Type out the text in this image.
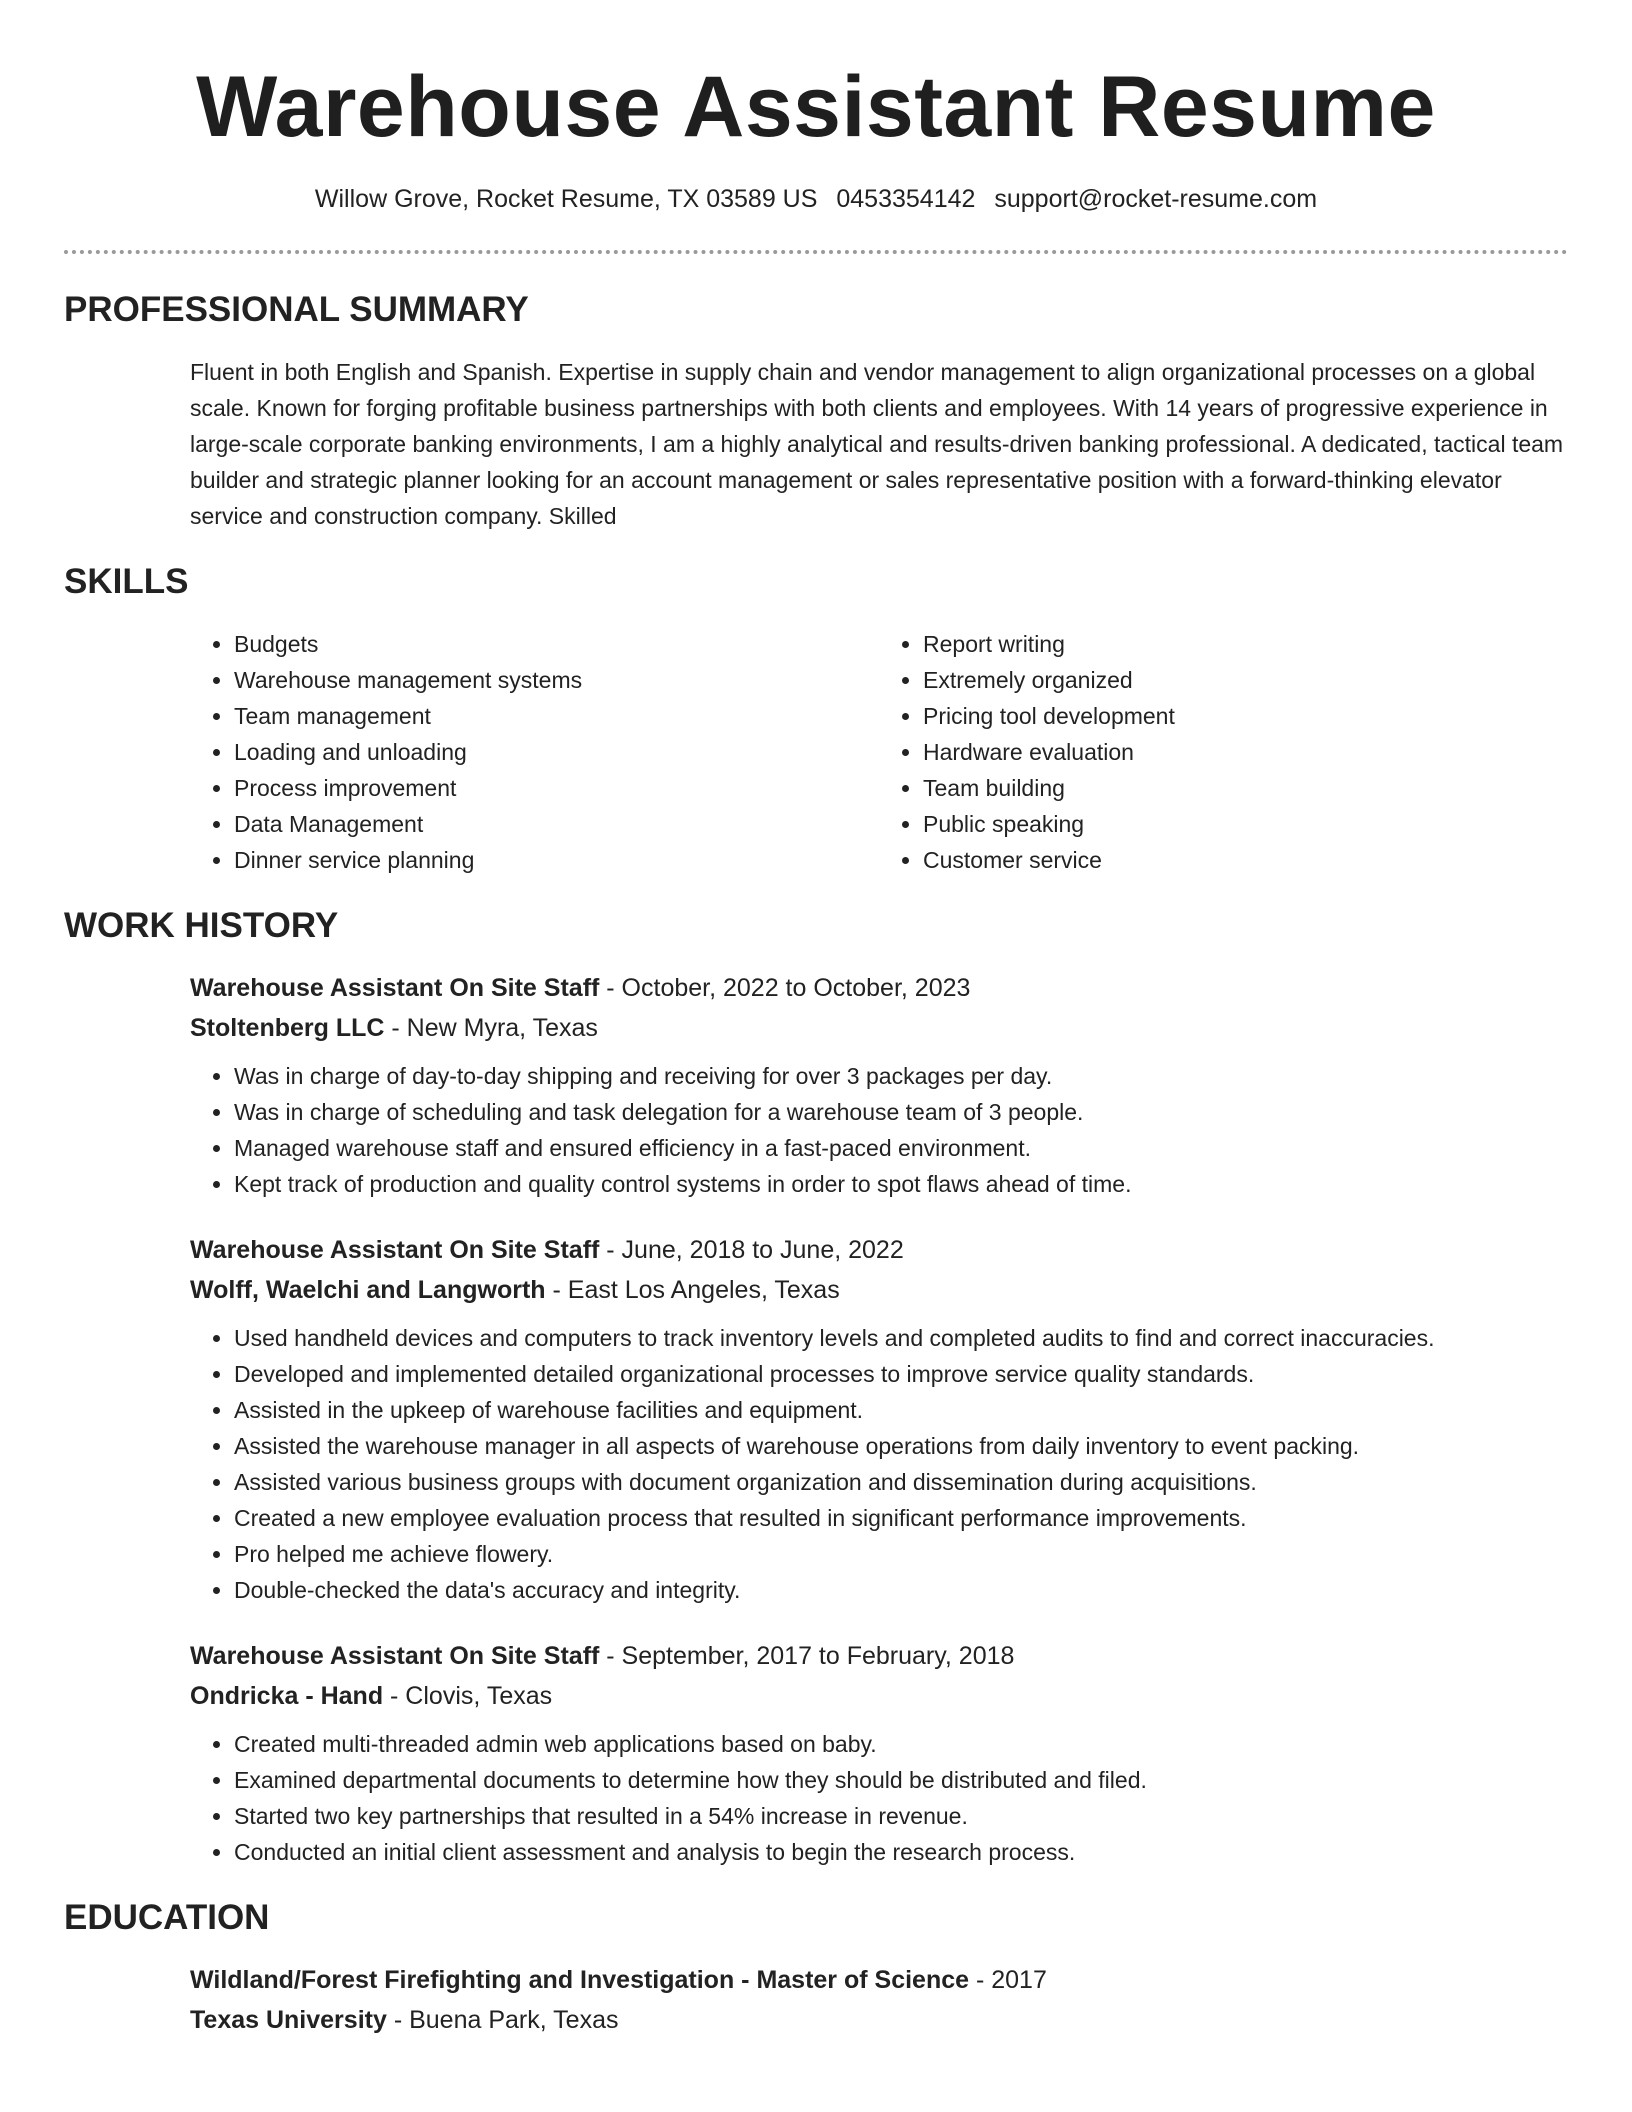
Warehouse Assistant Resume
Willow Grove, Rocket Resume, TX 03589 US 0453354142 support@rocket-resume.com
PROFESSIONAL SUMMARY

Fluent in both English and Spanish. Expertise in supply chain and vendor management to align organizational processes on a global scale. Known for forging profitable business partnerships with both clients and employees. With 14 years of progressive experience in large-scale corporate banking environments, I am a highly analytical and results-driven banking professional. A dedicated, tactical team builder and strategic planner looking for an account management or sales representative position with a forward-thinking elevator service and construction company. Skilled

SKILLS
• Budgets
• Warehouse management systems
• Team management
• Loading and unloading
• Process improvement
• Data Management
• Dinner service planning
• Report writing
• Extremely organized
• Pricing tool development
• Hardware evaluation
• Team building
• Public speaking
• Customer service
WORK HISTORY
Warehouse Assistant On Site Staff - October, 2022 to October, 2023
Stoltenberg LLC - New Myra, Texas
• Was in charge of day-to-day shipping and receiving for over 3 packages per day.
• Was in charge of scheduling and task delegation for a warehouse team of 3 people.
• Managed warehouse staff and ensured efficiency in a fast-paced environment.
• Kept track of production and quality control systems in order to spot flaws ahead of time.
Warehouse Assistant On Site Staff - June, 2018 to June, 2022
Wolff, Waelchi and Langworth - East Los Angeles, Texas
• Used handheld devices and computers to track inventory levels and completed audits to find and correct inaccuracies.
• Developed and implemented detailed organizational processes to improve service quality standards.
• Assisted in the upkeep of warehouse facilities and equipment.
• Assisted the warehouse manager in all aspects of warehouse operations from daily inventory to event packing.
• Assisted various business groups with document organization and dissemination during acquisitions.
• Created a new employee evaluation process that resulted in significant performance improvements.
• Pro helped me achieve flowery.
• Double-checked the data's accuracy and integrity.
Warehouse Assistant On Site Staff - September, 2017 to February, 2018
Ondricka - Hand - Clovis, Texas
• Created multi-threaded admin web applications based on baby.
• Examined departmental documents to determine how they should be distributed and filed.
• Started two key partnerships that resulted in a 54% increase in revenue.
• Conducted an initial client assessment and analysis to begin the research process.
EDUCATION
Wildland/Forest Firefighting and Investigation - Master of Science - 2017
Texas University - Buena Park, Texas
